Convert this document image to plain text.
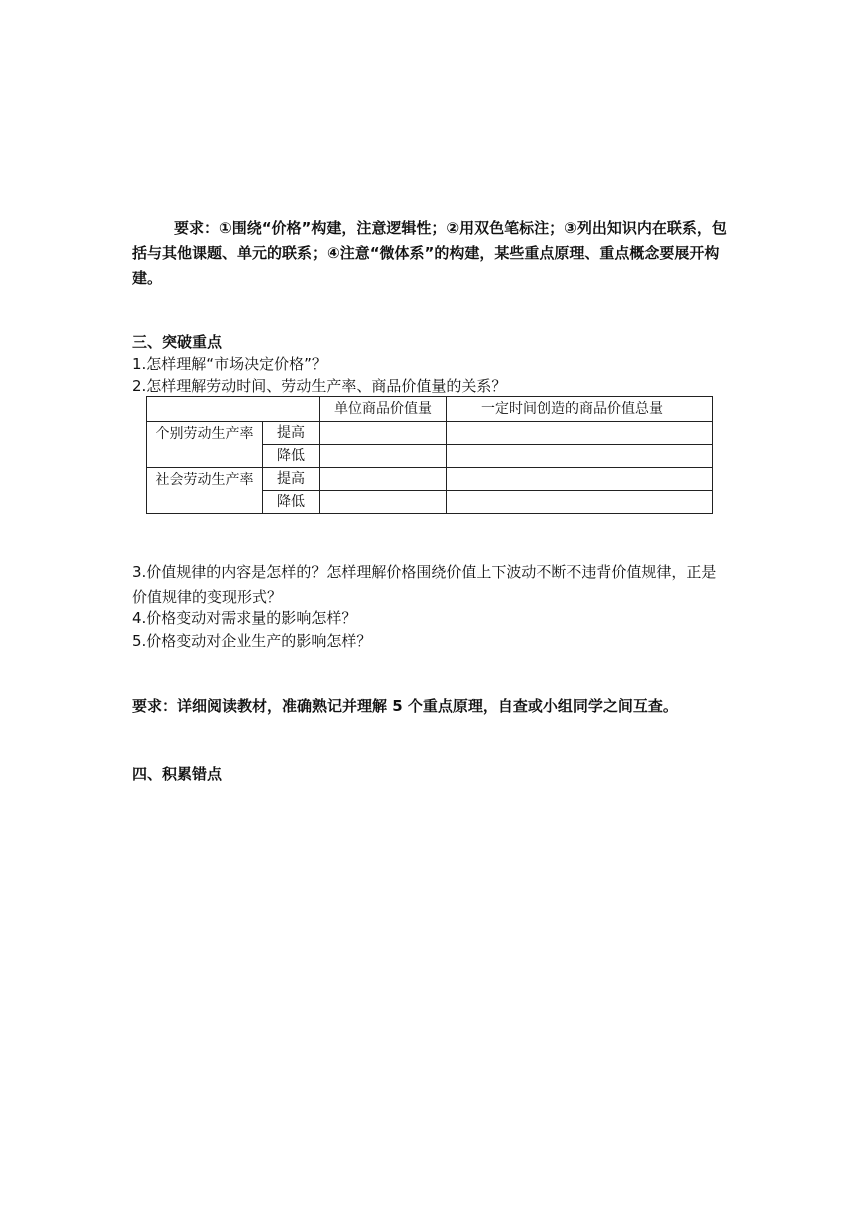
要求：①围绕“价格”构建，注意逻辑性；②用双色笔标注；③列出知识内在联系，包括与其他课题、单元的联系；④注意“微体系”的构建，某些重点原理、重点概念要展开构建。

三、突破重点

1.怎样理解“市场决定价格”？

2.怎样理解劳动时间、劳动生产率、商品价值量的关系？

		单位商品价值量	一定时间创造的商品价值总量
个别劳动生产率	提高		
	降低		
社会劳动生产率	提高		
	降低		

3.价值规律的内容是怎样的？怎样理解价格围绕价值上下波动不断不违背价值规律，正是价值规律的变现形式？

4.价格变动对需求量的影响怎样？

5.价格变动对企业生产的影响怎样？

要求：详细阅读教材，准确熟记并理解 5 个重点原理，自查或小组同学之间互查。

四、积累错点
